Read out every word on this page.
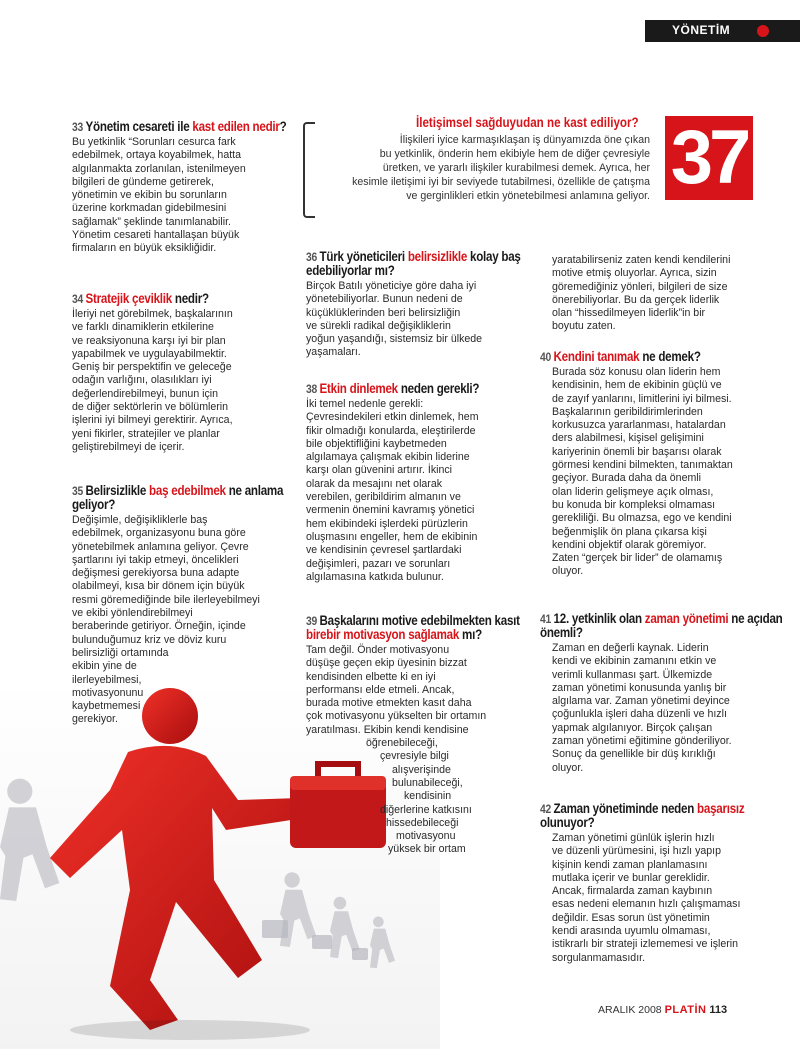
YÖNETİM
İletişimsel sağduyudan ne kast ediliyor?
İlişkileri iyice karmaşıklaşan iş dünyamızda öne çıkan
bu yetkinlik, önderin hem ekibiyle hem de diğer çevresiyle
üretken, ve yararlı ilişkiler kurabilmesi demek. Ayrıca, her
kesimle iletişimi iyi bir seviyede tutabilmesi, özellikle de çatışma
ve gerginlikleri etkin yönetebilmesi anlamına geliyor. 37
33 Yönetim cesareti ile kast edilen nedir?
Bu yetkinlik “Sorunları cesurca fark
edebilmek, ortaya koyabilmek, hatta
algılanmakta zorlanılan, istenilmeyen
bilgileri de gündeme getirerek,
yönetimin ve ekibin bu sorunların
üzerine korkmadan gidebilmesini
sağlamak” şeklinde tanımlanabilir.
Yönetim cesareti hantallaşan büyük
firmaların en büyük eksikliğidir.
34 Stratejik çeviklik nedir?
İleriyi net görebilmek, başkalarının
ve farklı dinamiklerin etkilerine
ve reaksiyonuna karşı iyi bir plan
yapabilmek ve uygulayabilmektir.
Geniş bir perspektifin ve geleceğe
odağın varlığını, olasılıkları iyi
değerlendirebilmeyi, bunun için
de diğer sektörlerin ve bölümlerin
işlerini iyi bilmeyi gerektirir. Ayrıca,
yeni fikirler, stratejiler ve planlar
geliştirebilmeyi de içerir.
35 Belirsizlikle baş edebilmek ne anlama geliyor?
Değişimle, değişikliklerle baş
edebilmek, organizasyonu buna göre
yönetebilmek anlamına geliyor. Çevre
şartlarını iyi takip etmeyi, öncelikleri
değişmesi gerekiyorsa buna adapte
olabilmeyi, kısa bir dönem için büyük
resmi göremediğinde bile ilerleyebilmeyi
ve ekibi yönlendirebilmeyi
beraberinde getiriyor. Örneğin, içinde
bulunduğumuz kriz ve döviz kuru
belirsizliği ortamında
ekibin yine de
ilerleyebilmesi,
motivasyonunu
kaybetmemesi
gerekiyor.
36 Türk yöneticileri belirsizlikle kolay baş edebiliyorlar mı?
Birçok Batılı yöneticiye göre daha iyi
yönetebiliyorlar. Bunun nedeni de
küçüklüklerinden beri belirsizliğin
ve sürekli radikal değişikliklerin
yoğun yaşandığı, sistemsiz bir ülkede
yaşamaları.
38 Etkin dinlemek neden gerekli?
İki temel nedenle gerekli:
Çevresindekileri etkin dinlemek, hem
fikir olmadığı konularda, eleştirilerde
bile objektifliğini kaybetmeden
algılamaya çalışmak ekibin liderine
karşı olan güvenini artırır. İkinci
olarak da mesajını net olarak
verebilen, geribildirim almanın ve
vermenin önemini kavramış yönetici
hem ekibindeki işlerdeki pürüzlerin
oluşmasını engeller, hem de ekibinin
ve kendisinin çevresel şartlardaki
değişimleri, pazarı ve sorunları
algılamasına katkıda bulunur.
39 Başkalarını motive edebilmekten kasıt birebir motivasyon sağlamak mı?
Tam değil. Önder motivasyonu
düşüşe geçen ekip üyesinin bizzat
kendisinden elbette ki en iyi
performansı elde etmeli. Ancak,
burada motive etmekten kasıt daha
çok motivasyonu yükselten bir ortamın
yaratılması. Ekibin kendi kendisine
öğrenebileceği,
çevresiyle bilgi
alışverişinde
bulunabileceği,
kendisinin
diğerlerine katkısını
hissedebileceği
motivasyonu
yüksek bir ortam
yaratabilirseniz zaten kendi kendilerini
motive etmiş oluyorlar. Ayrıca, sizin
göremediğiniz yönleri, bilgileri de size
önerebiliyorlar. Bu da gerçek liderlik
olan “hissedilmeyen liderlik”in bir
boyutu zaten.
40 Kendini tanımak ne demek?
Burada söz konusu olan liderin hem
kendisinin, hem de ekibinin güçlü ve
de zayıf yanlarını, limitlerini iyi bilmesi.
Başkalarının geribildirimlerinden
korkusuzca yararlanması, hatalardan
ders alabilmesi, kişisel gelişimini
kariyerinin önemli bir başarısı olarak
görmesi kendini bilmekten, tanımaktan
geçiyor. Burada daha da önemli
olan liderin gelişmeye açık olması,
bu konuda bir kompleksi olmaması
gerekliliği. Bu olmazsa, ego ve kendini
beğenmişlik ön plana çıkarsa kişi
kendini objektif olarak göremiyor.
Zaten “gerçek bir lider” de olamamış
oluyor.
41 12. yetkinlik olan zaman yönetimi ne açıdan önemli?
Zaman en değerli kaynak. Liderin
kendi ve ekibinin zamanını etkin ve
verimli kullanması şart. Ülkemizde
zaman yönetimi konusunda yanlış bir
algılama var. Zaman yönetimi deyince
çoğunlukla işleri daha düzenli ve hızlı
yapmak algılanıyor. Birçok çalışan
zaman yönetimi eğitimine gönderiliyor.
Sonuç da genellikle bir düş kırıklığı
oluyor.
42 Zaman yönetiminde neden başarısız olunuyor?
Zaman yönetimi günlük işlerin hızlı
ve düzenli yürümesini, işi hızlı yapıp
kişinin kendi zaman planlamasını
mutlaka içerir ve bunlar gereklidir.
Ancak, firmalarda zaman kaybının
esas nedeni elemanın hızlı çalışmaması
değildir. Esas sorun üst yönetimin
kendi arasında uyumlu olmaması,
istikrarlı bir strateji izlememesi ve işlerin
sorgulanmamasıdır.
ARALIK 2008 PLATİN 113
